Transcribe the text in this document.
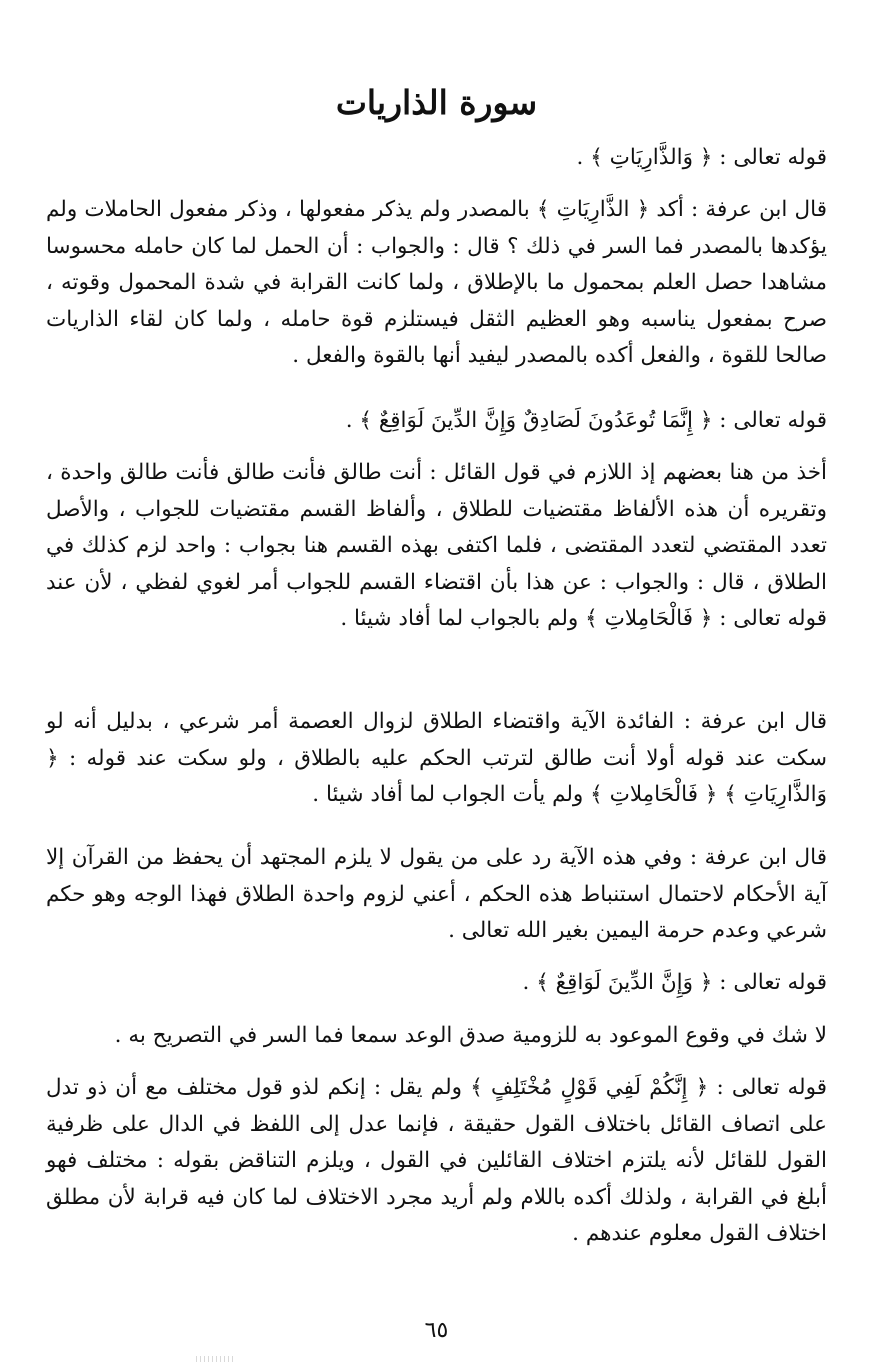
سورة الذاريات
قوله تعالى : ﴿ وَالذَّارِيَاتِ ﴾ .
قال ابن عرفة : أكد ﴿ الذَّارِيَاتِ ﴾ بالمصدر ولم يذكر مفعولها ، وذكر مفعول الحاملات ولم يؤكدها بالمصدر فما السر في ذلك ؟ قال : والجواب : أن الحمل لما كان حامله محسوسا مشاهدا حصل العلم بمحمول ما بالإطلاق ، ولما كانت القرابة في شدة المحمول وقوته ، صرح بمفعول يناسبه وهو العظيم الثقل فيستلزم قوة حامله ، ولما كان لقاء الذاريات صالحا للقوة ، والفعل أكده بالمصدر ليفيد أنها بالقوة والفعل .
قوله تعالى : ﴿ إِنَّمَا تُوعَدُونَ لَصَادِقٌ وَإِنَّ الدِّينَ لَوَاقِعٌ ﴾ .
أخذ من هنا بعضهم إذ اللازم في قول القائل : أنت طالق فأنت طالق فأنت طالق واحدة ، وتقريره أن هذه الألفاظ مقتضيات للطلاق ، وألفاظ القسم مقتضيات للجواب ، والأصل تعدد المقتضي لتعدد المقتضى ، فلما اكتفى بهذه القسم هنا بجواب : واحد لزم كذلك في الطلاق ، قال : والجواب : عن هذا بأن اقتضاء القسم للجواب أمر لغوي لفظي ، لأن عند قوله تعالى : ﴿ فَالْحَامِلاتِ ﴾ ولم بالجواب لما أفاد شيئا .
قال ابن عرفة : الفائدة الآية واقتضاء الطلاق لزوال العصمة أمر شرعي ، بدليل أنه لو سكت عند قوله أولا أنت طالق لترتب الحكم عليه بالطلاق ، ولو سكت عند قوله : ﴿ وَالذَّارِيَاتِ ﴾ ﴿ فَالْحَامِلاتِ ﴾ ولم يأت الجواب لما أفاد شيئا .
قال ابن عرفة : وفي هذه الآية رد على من يقول لا يلزم المجتهد أن يحفظ من القرآن إلا آية الأحكام لاحتمال استنباط هذه الحكم ، أعني لزوم واحدة الطلاق فهذا الوجه وهو حكم شرعي وعدم حرمة اليمين بغير الله تعالى .
قوله تعالى : ﴿ وَإِنَّ الدِّينَ لَوَاقِعٌ ﴾ .
لا شك في وقوع الموعود به للزومية صدق الوعد سمعا فما السر في التصريح به .
قوله تعالى : ﴿ إِنَّكُمْ لَفِي قَوْلٍ مُخْتَلِفٍ ﴾ ولم يقل : إنكم لذو قول مختلف مع أن ذو تدل على اتصاف القائل باختلاف القول حقيقة ، فإنما عدل إلى اللفظ في الدال على ظرفية القول للقائل لأنه يلتزم اختلاف القائلين في القول ، ويلزم التناقض بقوله : مختلف فهو أبلغ في القرابة ، ولذلك أكده باللام ولم أريد مجرد الاختلاف لما كان فيه قرابة لأن مطلق اختلاف القول معلوم عندهم .
٦٥
